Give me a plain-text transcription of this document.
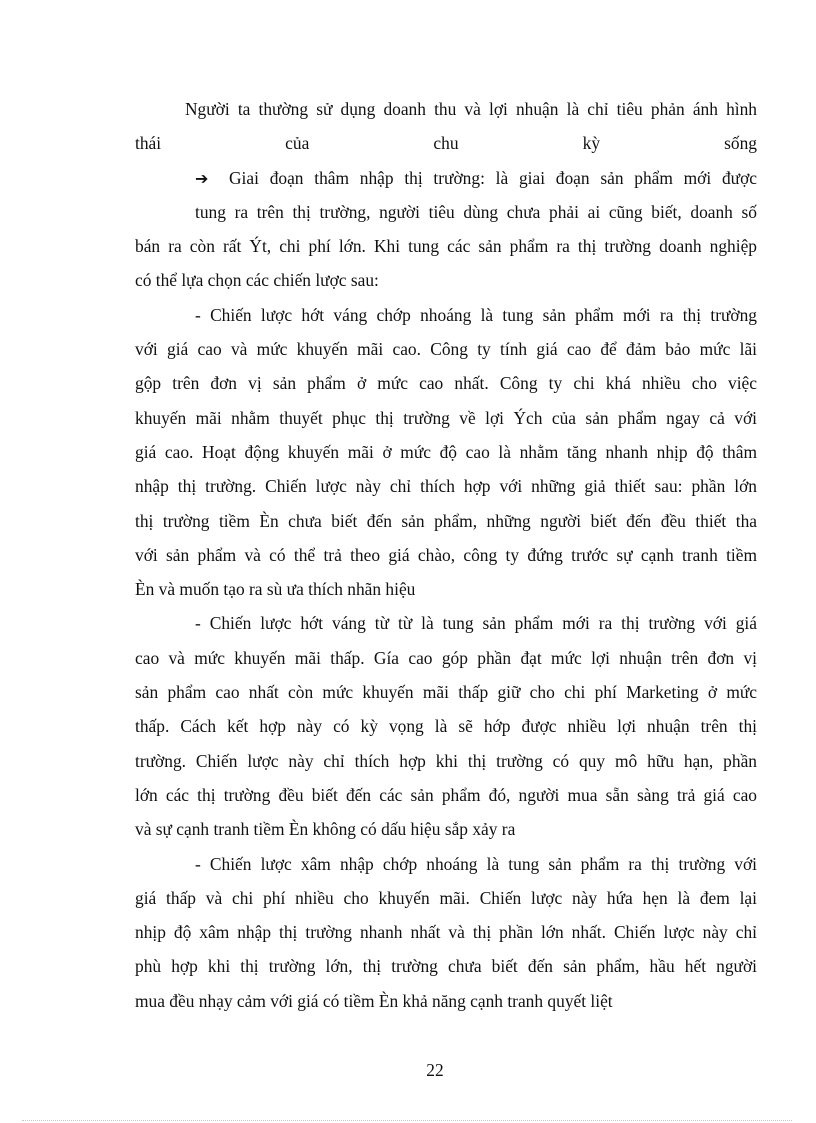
Người ta thường sử dụng doanh thu và lợi nhuận là chỉ tiêu phản ánh hình
thái của chu kỳ sống
➔ Giai đoạn thâm nhập thị trường: là giai đoạn sản phẩm mới được
tung ra trên thị trường, người tiêu dùng chưa phải ai cũng biết, doanh số
bán ra còn rất Ýt, chi phí lớn. Khi tung các sản phẩm ra thị trường doanh nghiệp
có thể lựa chọn các chiến lược sau:
- Chiến lược hớt váng chớp nhoáng là tung sản phẩm mới ra thị trường
với giá cao và mức khuyến mãi cao. Công ty tính giá cao để đảm bảo mức lãi
gộp trên đơn vị sản phẩm ở mức cao nhất. Công ty chi khá nhiều cho việc
khuyến mãi nhằm thuyết phục thị trường về lợi Ých của sản phẩm ngay cả với
giá cao. Hoạt động khuyến mãi ở mức độ cao là nhằm tăng nhanh nhịp độ thâm
nhập thị trường. Chiến lược này chỉ thích hợp với những giả thiết sau: phần lớn
thị trường tiềm Èn chưa biết đến sản phẩm, những người biết đến đều thiết tha
với sản phẩm và có thể trả theo giá chào, công ty đứng trước sự cạnh tranh tiềm
Èn và muốn tạo ra sù ưa thích nhãn hiệu
- Chiến lược hớt váng từ từ là tung sản phẩm mới ra thị trường với giá
cao và mức khuyến mãi thấp. Gía cao góp phần đạt mức lợi nhuận trên đơn vị
sản phẩm cao nhất còn mức khuyến mãi thấp giữ cho chi phí Marketing ở mức
thấp. Cách kết hợp này có kỳ vọng là sẽ hớp được nhiều lợi nhuận trên thị
trường. Chiến lược này chỉ thích hợp khi thị trường có quy mô hữu hạn, phần
lớn các thị trường đều biết đến các sản phẩm đó, người mua sẵn sàng trả giá cao
và sự cạnh tranh tiềm Èn không có dấu hiệu sắp xảy ra
- Chiến lược xâm nhập chớp nhoáng là tung sản phẩm ra thị trường với
giá thấp và chi phí nhiều cho khuyến mãi. Chiến lược này hứa hẹn là đem lại
nhịp độ xâm nhập thị trường nhanh nhất và thị phần lớn nhất. Chiến lược này chỉ
phù hợp khi thị trường lớn, thị trường chưa biết đến sản phẩm, hầu hết người
mua đều nhạy cảm với giá có tiềm Èn khả năng cạnh tranh quyết liệt
22
